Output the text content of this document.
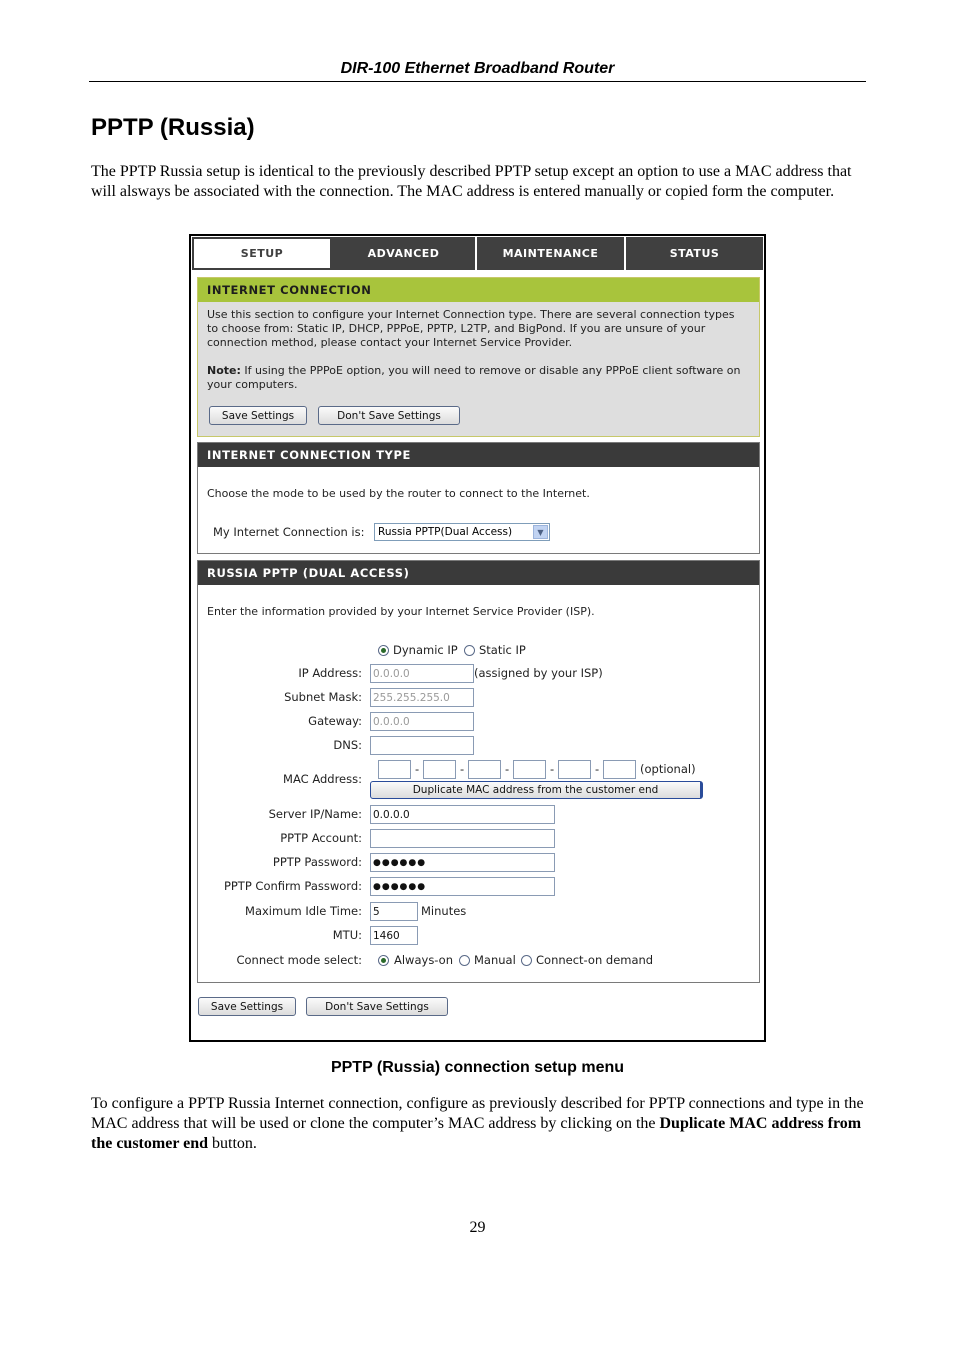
DIR-100 Ethernet Broadband Router
PPTP (Russia)

The PPTP Russia setup is identical to the previously described PPTP setup except an option to use a MAC address that will alsways be associated with the connection. The MAC address is entered manually or copied form the computer.

SETUP	ADVANCED	MAINTENANCE	STATUS
INTERNET CONNECTION

Use this section to configure your Internet Connection type. There are several connection types to choose from: Static IP, DHCP, PPPoE, PPTP, L2TP, and BigPond. If you are unsure of your connection method, please contact your Internet Service Provider.

Note: If using the PPPoE option, you will need to remove or disable any PPPoE client software on your computers.

Save Settings	Don't Save Settings
INTERNET CONNECTION TYPE

Choose the mode to be used by the router to connect to the Internet.

My Internet Connection is: Russia PPTP(Dual Access)	▼
RUSSIA PPTP (DUAL ACCESS)

Enter the information provided by your Internet Service Provider (ISP).

Dynamic IP Static IP
IP Address: 0.0.0.0	(assigned by your ISP)
Subnet Mask: 255.255.255.0
Gateway: 0.0.0.0
DNS:
MAC Address:
-	-	-	-	-	(optional)
Duplicate MAC address from the customer end
Server IP/Name: 0.0.0.0
PPTP Account:
PPTP Password:	●●●●●●
PPTP Confirm Password:	●●●●●●
Maximum Idle Time: 5	Minutes
MTU: 1460
Connect mode select:	Always-on Manual Connect-on demand
Save Settings	Don't Save Settings
PPTP (Russia) connection setup menu

To configure a PPTP Russia Internet connection, configure as previously described for PPTP connections and type in the MAC address that will be used or clone the computer’s MAC address by clicking on the Duplicate MAC address from the customer end button.

29
